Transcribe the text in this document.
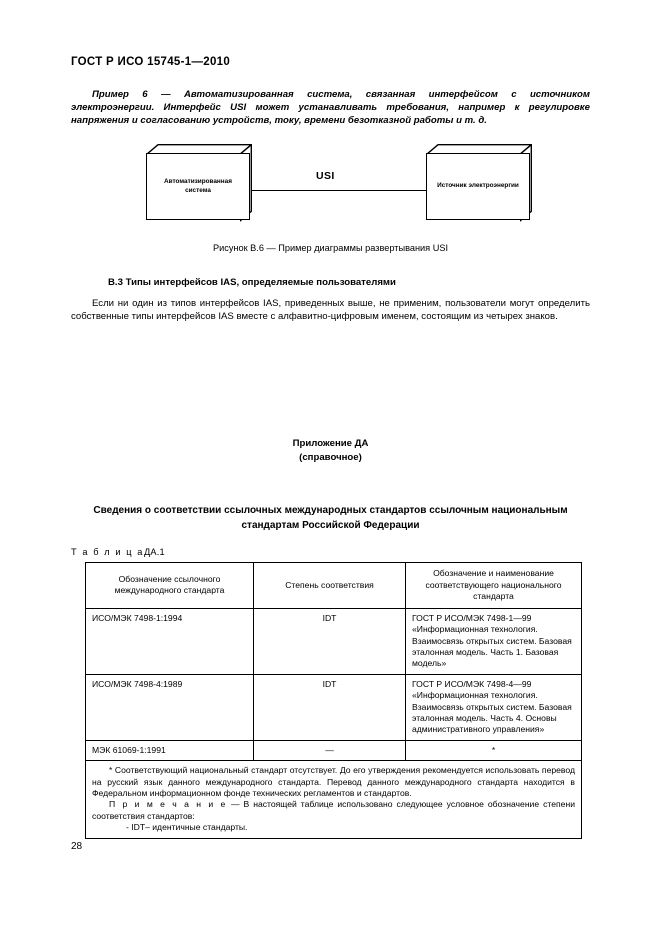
ГОСТ Р ИСО 15745-1—2010
Пример 6 — Автоматизированная система, связанная интерфейсом с источником электроэнергии. Интерфейс USI может устанавливать требования, например к регулировке напряжения и согласованию устройств, току, времени безотказной работы и т. д.
Автоматизированная система
USI
Источник электроэнергии
Рисунок В.6 — Пример диаграммы развертывания USI
В.3 Типы интерфейсов IAS, определяемые пользователями
Если ни один из типов интерфейсов IAS, приведенных выше, не применим, пользователи могут определить собственные типы интерфейсов IAS вместе с алфавитно-цифровым именем, состоящим из четырех знаков.
Приложение ДА
(справочное)
Сведения о соответствии ссылочных международных стандартов ссылочным национальным стандартам Российской Федерации
Т а б л и ц аДА.1
Обозначение ссылочного международного стандарта	Степень соответствия	Обозначение и наименование соответствующего национального стандарта
ИСО/МЭК 7498-1:1994	IDT	ГОСТ Р ИСО/МЭК 7498-1—99 «Информационная технология. Взаимосвязь открытых систем. Базовая эталонная модель. Часть 1. Базовая модель»
ИСО/МЭК 7498-4:1989	IDT	ГОСТ Р ИСО/МЭК 7498-4—99 «Информационная технология. Взаимосвязь открытых систем. Базовая эталонная модель. Часть 4. Основы административного управления»
МЭК 61069-1:1991	—	*

* Соответствующий национальный стандарт отсутствует. До его утверждения рекомендуется использовать перевод на русский язык данного международного стандарта. Перевод данного международного стандарта находится в Федеральном информационном фонде технических регламентов и стандартов.

П р и м е ч а н и е — В настоящей таблице использовано следующее условное обозначение степени соответствия стандартов:

- IDT– идентичные стандарты.		

28
